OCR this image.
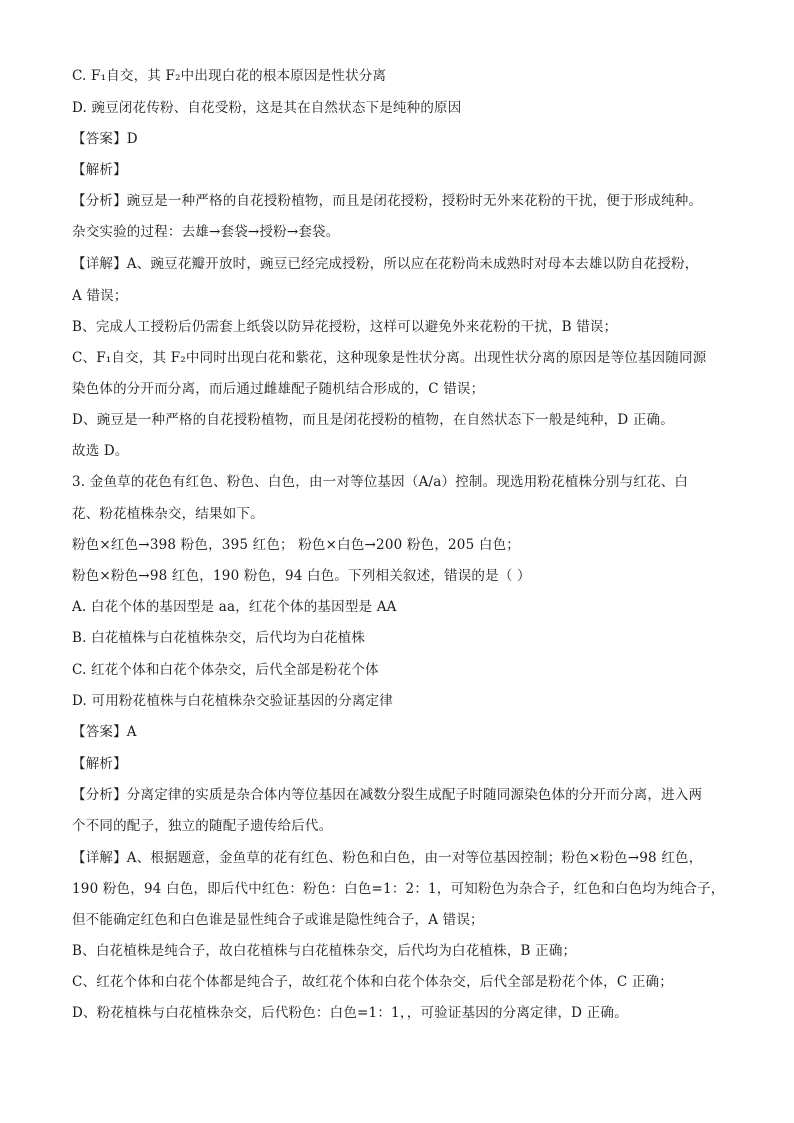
C. F₁自交，其 F₂中出现白花的根本原因是性状分离
D. 豌豆闭花传粉、自花受粉，这是其在自然状态下是纯种的原因
【答案】D
【解析】
【分析】豌豆是一种严格的自花授粉植物，而且是闭花授粉，授粉时无外来花粉的干扰，便于形成纯种。
杂交实验的过程：去雄→套袋→授粉→套袋。
【详解】A、豌豆花瓣开放时，豌豆已经完成授粉，所以应在花粉尚未成熟时对母本去雄以防自花授粉，
A 错误；
B、完成人工授粉后仍需套上纸袋以防异花授粉，这样可以避免外来花粉的干扰，B 错误；
C、F₁自交，其 F₂中同时出现白花和紫花，这种现象是性状分离。出现性状分离的原因是等位基因随同源
染色体的分开而分离，而后通过雌雄配子随机结合形成的，C 错误；
D、豌豆是一种严格的自花授粉植物，而且是闭花授粉的植物，在自然状态下一般是纯种，D 正确。
故选 D。
3. 金鱼草的花色有红色、粉色、白色，由一对等位基因（A/a）控制。现选用粉花植株分别与红花、白
花、粉花植株杂交，结果如下。
粉色×红色→398 粉色，395 红色； 粉色×白色→200 粉色，205 白色；
粉色×粉色→98 红色，190 粉色，94 白色。下列相关叙述，错误的是（ ）
A. 白花个体的基因型是 aa，红花个体的基因型是 AA
B. 白花植株与白花植株杂交，后代均为白花植株
C. 红花个体和白花个体杂交，后代全部是粉花个体
D. 可用粉花植株与白花植株杂交验证基因的分离定律
【答案】A
【解析】
【分析】分离定律的实质是杂合体内等位基因在减数分裂生成配子时随同源染色体的分开而分离，进入两
个不同的配子，独立的随配子遗传给后代。
【详解】A、根据题意，金鱼草的花有红色、粉色和白色，由一对等位基因控制；粉色×粉色→98 红色，
190 粉色，94 白色，即后代中红色：粉色：白色=1：2：1，可知粉色为杂合子，红色和白色均为纯合子，
但不能确定红色和白色谁是显性纯合子或谁是隐性纯合子，A 错误；
B、白花植株是纯合子，故白花植株与白花植株杂交，后代均为白花植株，B 正确；
C、红花个体和白花个体都是纯合子，故红花个体和白花个体杂交，后代全部是粉花个体，C 正确；
D、粉花植株与白花植株杂交，后代粉色：白色=1：1，，可验证基因的分离定律，D 正确。
